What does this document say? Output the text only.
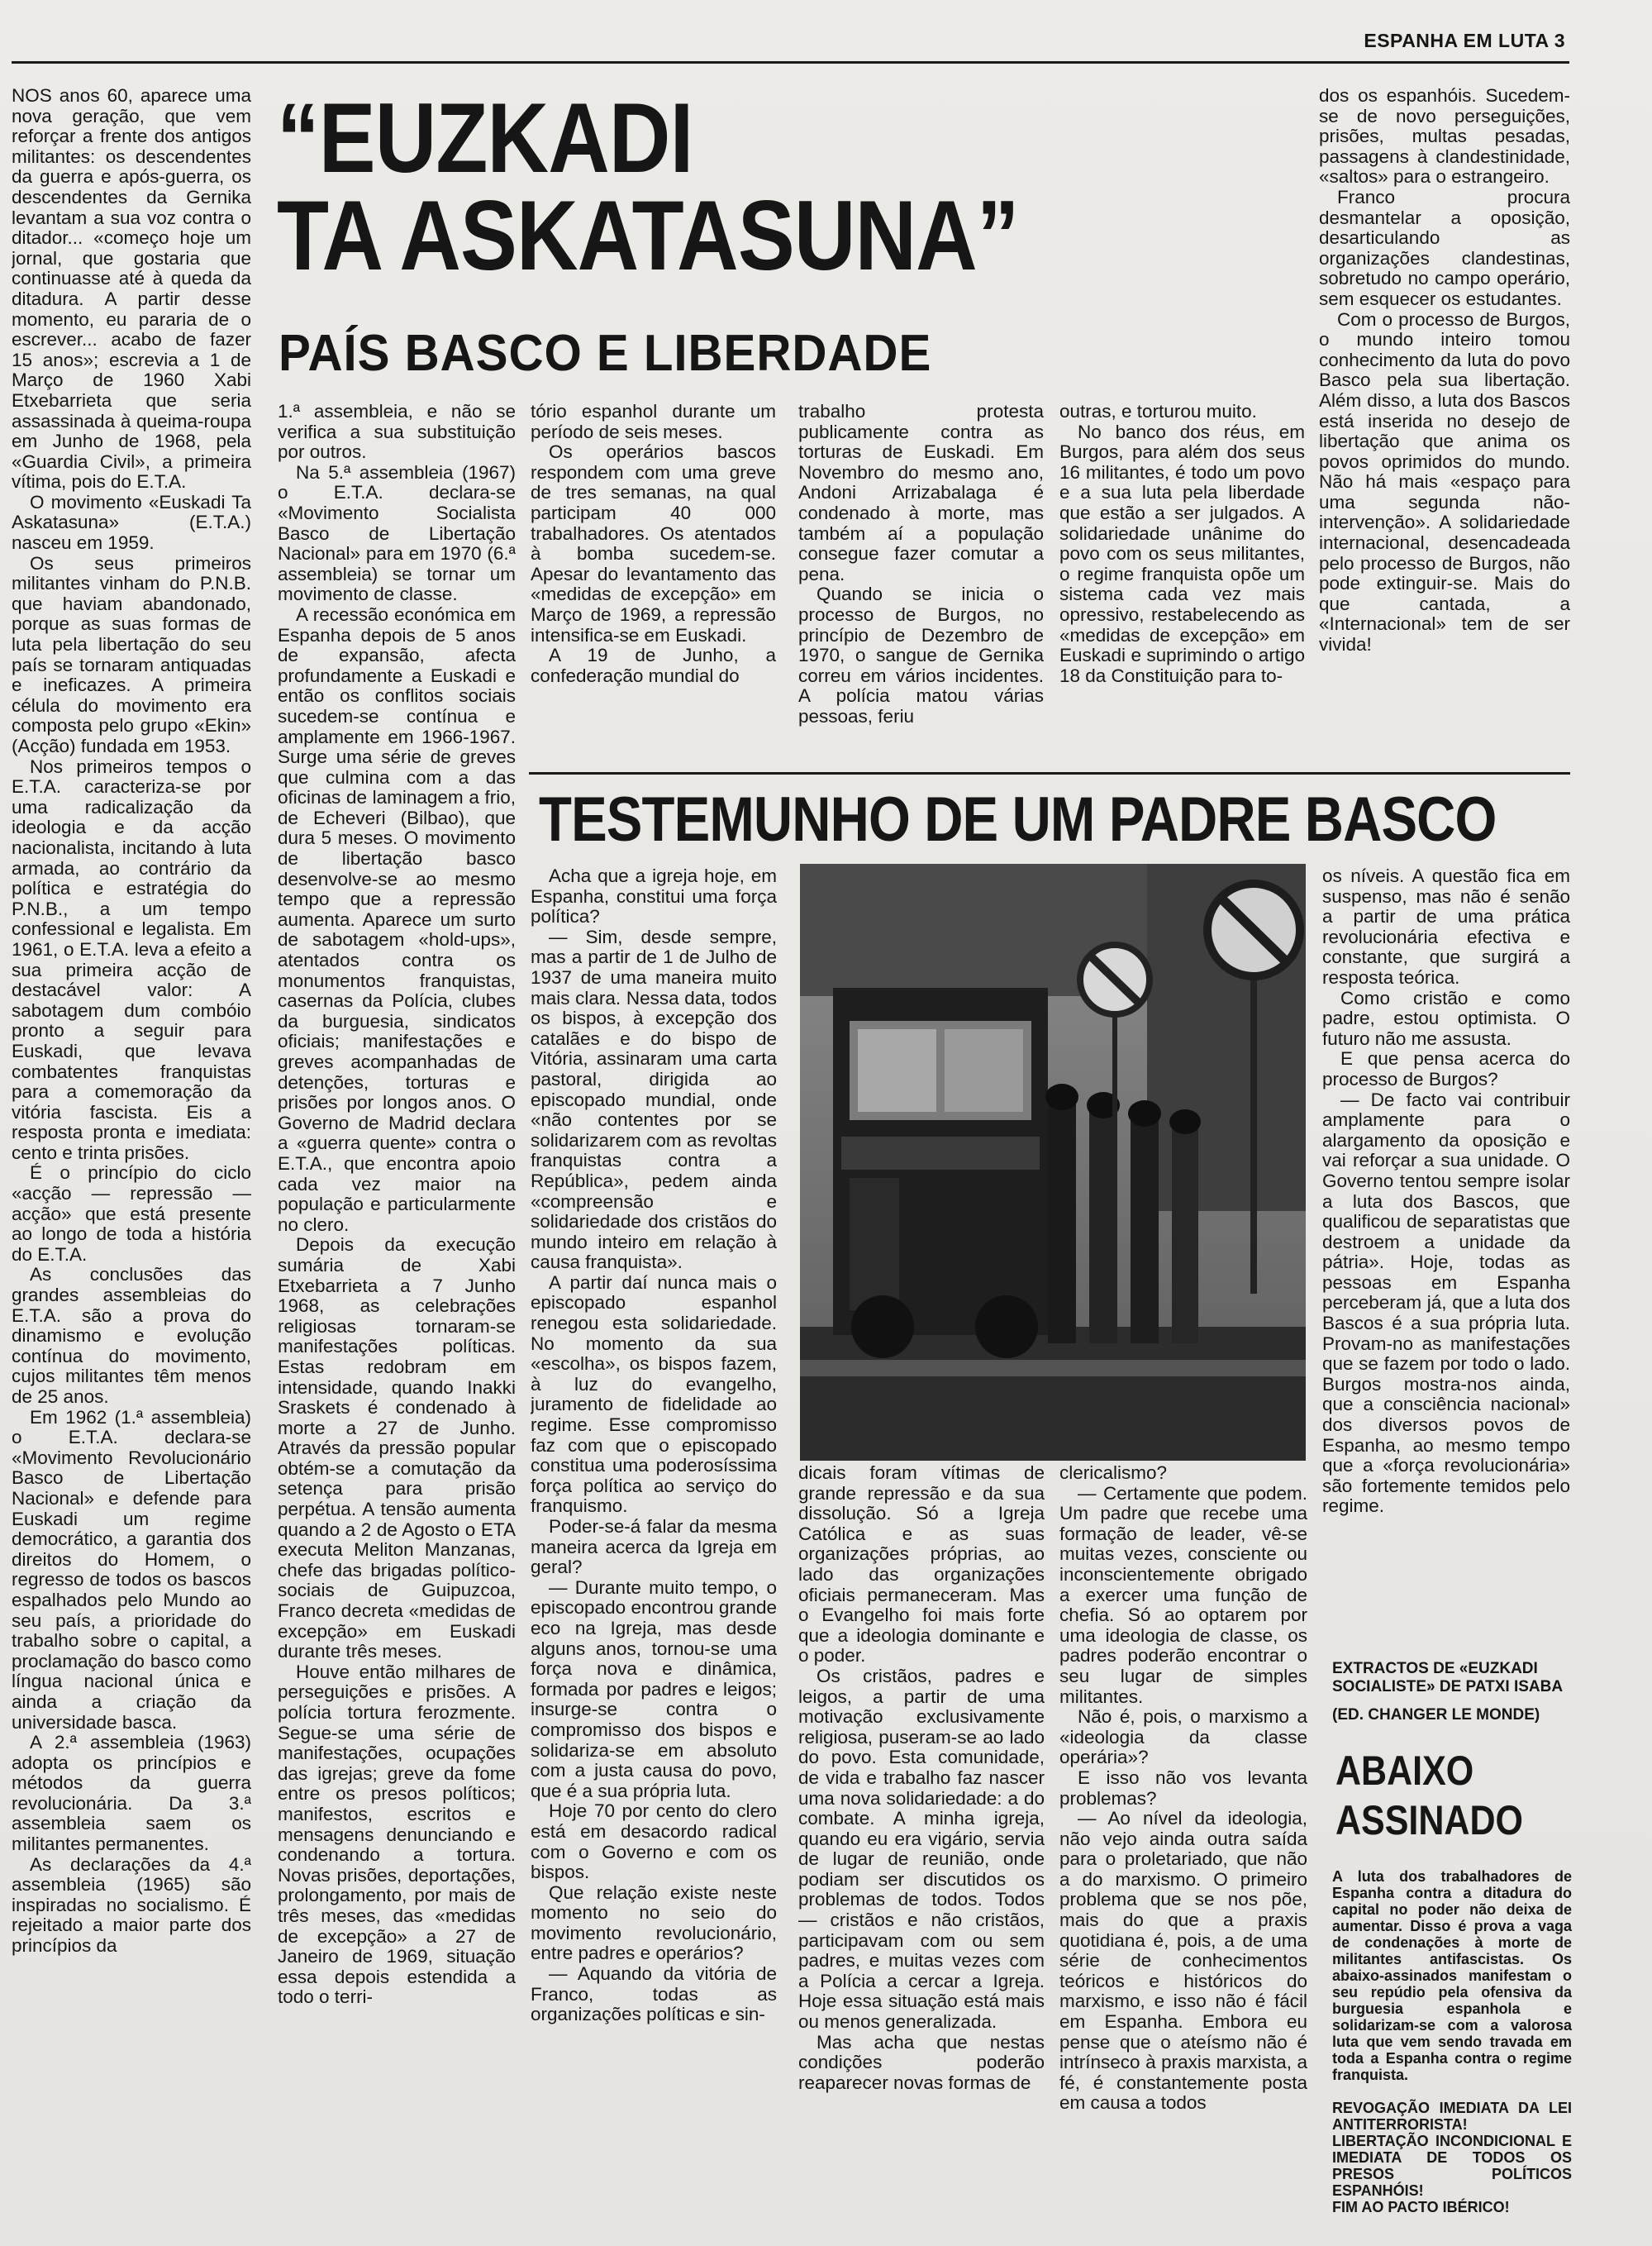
ESPANHA EM LUTA 3
“EUZKADI
TA ASKATASUNA”
PAÍS BASCO E LIBERDADE

NOS anos 60, aparece uma nova geração, que vem reforçar a frente dos antigos militantes: os descendentes da guerra e após-guerra, os descendentes da Gernika levantam a sua voz contra o ditador... «começo hoje um jornal, que gostaria que continuasse até à queda da ditadura. A partir desse momento, eu pararia de o escrever... acabo de fazer 15 anos»; escrevia a 1 de Março de 1960 Xabi Etxebarrieta que seria assassinada à queima-roupa em Junho de 1968, pela «Guardia Civil», a primeira vítima, pois do E.T.A.

O movimento «Euskadi Ta Askatasuna» (E.T.A.) nasceu em 1959.

Os seus primeiros militantes vinham do P.N.B. que haviam abandonado, porque as suas formas de luta pela libertação do seu país se tornaram antiquadas e ineficazes. A primeira célula do movimento era composta pelo grupo «Ekin» (Acção) fundada em 1953.

Nos primeiros tempos o E.T.A. caracteriza-se por uma radicalização da ideologia e da acção nacionalista, incitando à luta armada, ao contrário da política e estratégia do P.N.B., a um tempo confessional e legalista. Em 1961, o E.T.A. leva a efeito a sua primeira acção de destacável valor: A sabotagem dum combóio pronto a seguir para Euskadi, que levava combatentes franquistas para a comemoração da vitória fascista. Eis a resposta pronta e imediata: cento e trinta prisões.

É o princípio do ciclo «acção — repressão — acção» que está presente ao longo de toda a história do E.T.A.

As conclusões das grandes assembleias do E.T.A. são a prova do dinamismo e evolução contínua do movimento, cujos militantes têm menos de 25 anos.

Em 1962 (1.ª assembleia) o E.T.A. declara-se «Movimento Revolucionário Basco de Libertação Nacional» e defende para Euskadi um regime democrático, a garantia dos direitos do Homem, o regresso de todos os bascos espalhados pelo Mundo ao seu país, a prioridade do trabalho sobre o capital, a proclamação do basco como língua nacional única e ainda a criação da universidade basca.

A 2.ª assembleia (1963) adopta os princípios e métodos da guerra revolucionária. Da 3.ª assembleia saem os militantes permanentes.

As declarações da 4.ª assembleia (1965) são inspiradas no socialismo. É rejeitado a maior parte dos princípios da

1.ª assembleia, e não se verifica a sua substituição por outros.

Na 5.ª assembleia (1967) o E.T.A. declara-se «Movimento Socialista Basco de Libertação Nacional» para em 1970 (6.ª assembleia) se tornar um movimento de classe.

A recessão económica em Espanha depois de 5 anos de expansão, afecta profundamente a Euskadi e então os conflitos sociais sucedem-se contínua e amplamente em 1966-1967. Surge uma série de greves que culmina com a das oficinas de laminagem a frio, de Echeveri (Bilbao), que dura 5 meses. O movimento de libertação basco desenvolve-se ao mesmo tempo que a repressão aumenta. Aparece um surto de sabotagem «hold-ups», atentados contra os monumentos franquistas, casernas da Polícia, clubes da burguesia, sindicatos oficiais; manifestações e greves acompanhadas de detenções, torturas e prisões por longos anos. O Governo de Madrid declara a «guerra quente» contra o E.T.A., que encontra apoio cada vez maior na população e particularmente no clero.

Depois da execução sumária de Xabi Etxebarrieta a 7 Junho 1968, as celebrações religiosas tornaram-se manifestações políticas. Estas redobram em intensidade, quando Inakki Sraskets é condenado à morte a 27 de Junho. Através da pressão popular obtém-se a comutação da setença para prisão perpétua. A tensão aumenta quando a 2 de Agosto o ETA executa Meliton Manzanas, chefe das brigadas político-sociais de Guipuzcoa, Franco decreta «medidas de excepção» em Euskadi durante três meses.

Houve então milhares de perseguições e prisões. A polícia tortura ferozmente. Segue-se uma série de manifestações, ocupações das igrejas; greve da fome entre os presos políticos; manifestos, escritos e mensagens denunciando e condenando a tortura. Novas prisões, deportações, prolongamento, por mais de três meses, das «medidas de excepção» a 27 de Janeiro de 1969, situação essa depois estendida a todo o terri-

tório espanhol durante um período de seis meses.

Os operários bascos respondem com uma greve de tres semanas, na qual participam 40 000 trabalhadores. Os atentados à bomba sucedem-se. Apesar do levantamento das «medidas de excepção» em Março de 1969, a repressão intensifica-se em Euskadi.

A 19 de Junho, a confederação mundial do

trabalho protesta publicamente contra as torturas de Euskadi. Em Novembro do mesmo ano, Andoni Arrizabalaga é condenado à morte, mas também aí a população consegue fazer comutar a pena.

Quando se inicia o processo de Burgos, no princípio de Dezembro de 1970, o sangue de Gernika correu em vários incidentes. A polícia matou várias pessoas, feriu

outras, e torturou muito.

No banco dos réus, em Burgos, para além dos seus 16 militantes, é todo um povo e a sua luta pela liberdade que estão a ser julgados. A solidariedade unânime do povo com os seus militantes, o regime franquista opõe um sistema cada vez mais opressivo, restabelecendo as «medidas de excepção» em Euskadi e suprimindo o artigo 18 da Constituição para to-

dos os espanhóis. Sucedem-se de novo perseguições, prisões, multas pesadas, passagens à clandestinidade, «saltos» para o estrangeiro.

Franco procura desmantelar a oposição, desarticulando as organizações clandestinas, sobretudo no campo operário, sem esquecer os estudantes.

Com o processo de Burgos, o mundo inteiro tomou conhecimento da luta do povo Basco pela sua libertação. Além disso, a luta dos Bascos está inserida no desejo de libertação que anima os povos oprimidos do mundo. Não há mais «espaço para uma segunda não-intervenção». A solidariedade internacional, desencadeada pelo processo de Burgos, não pode extinguir-se. Mais do que cantada, a «Internacional» tem de ser vivida!

TESTEMUNHO DE UM PADRE BASCO

Acha que a igreja hoje, em Espanha, constitui uma força política?

— Sim, desde sempre, mas a partir de 1 de Julho de 1937 de uma maneira muito mais clara. Nessa data, todos os bispos, à excepção dos catalães e do bispo de Vitória, assinaram uma carta pastoral, dirigida ao episcopado mundial, onde «não contentes por se solidarizarem com as revoltas franquistas contra a República», pedem ainda «compreensão e solidariedade dos cristãos do mundo inteiro em relação à causa franquista».

A partir daí nunca mais o episcopado espanhol renegou esta solidariedade. No momento da sua «escolha», os bispos fazem, à luz do evangelho, juramento de fidelidade ao regime. Esse compromisso faz com que o episcopado constitua uma poderosíssima força política ao serviço do franquismo.

Poder-se-á falar da mesma maneira acerca da Igreja em geral?

— Durante muito tempo, o episcopado encontrou grande eco na Igreja, mas desde alguns anos, tornou-se uma força nova e dinâmica, formada por padres e leigos; insurge-se contra o compromisso dos bispos e solidariza-se em absoluto com a justa causa do povo, que é a sua própria luta.

Hoje 70 por cento do clero está em desacordo radical com o Governo e com os bispos.

Que relação existe neste momento no seio do movimento revolucionário, entre padres e operários?

— Aquando da vitória de Franco, todas as organizações políticas e sin-

dicais foram vítimas de grande repressão e da sua dissolução. Só a Igreja Católica e as suas organizações próprias, ao lado das organizações oficiais permaneceram. Mas o Evangelho foi mais forte que a ideologia dominante e o poder.

Os cristãos, padres e leigos, a partir de uma motivação exclusivamente religiosa, puseram-se ao lado do povo. Esta comunidade, de vida e trabalho faz nascer uma nova solidariedade: a do combate. A minha igreja, quando eu era vigário, servia de lugar de reunião, onde podiam ser discutidos os problemas de todos. Todos — cristãos e não cristãos, participavam com ou sem padres, e muitas vezes com a Polícia a cercar a Igreja. Hoje essa situação está mais ou menos generalizada.

Mas acha que nestas condições poderão reaparecer novas formas de

clericalismo?

— Certamente que podem. Um padre que recebe uma formação de leader, vê-se muitas vezes, consciente ou inconscientemente obrigado a exercer uma função de chefia. Só ao optarem por uma ideologia de classe, os padres poderão encontrar o seu lugar de simples militantes.

Não é, pois, o marxismo a «ideologia da classe operária»?

E isso não vos levanta problemas?

— Ao nível da ideologia, não vejo ainda outra saída para o proletariado, que não a do marxismo. O primeiro problema que se nos põe, mais do que a praxis quotidiana é, pois, a de uma série de conhecimentos teóricos e históricos do marxismo, e isso não é fácil em Espanha. Embora eu pense que o ateísmo não é intrínseco à praxis marxista, a fé, é constantemente posta em causa a todos

os níveis. A questão fica em suspenso, mas não é senão a partir de uma prática revolucionária efectiva e constante, que surgirá a resposta teórica.

Como cristão e como padre, estou optimista. O futuro não me assusta.

E que pensa acerca do processo de Burgos?

— De facto vai contribuir amplamente para o alargamento da oposição e vai reforçar a sua unidade. O Governo tentou sempre isolar a luta dos Bascos, que qualificou de separatistas que destroem a unidade da pátria». Hoje, todas as pessoas em Espanha perceberam já, que a luta dos Bascos é a sua própria luta. Provam-no as manifestações que se fazem por todo o lado. Burgos mostra-nos ainda, que a consciência nacional» dos diversos povos de Espanha, ao mesmo tempo que a «força revolucionária» são fortemente temidos pelo regime.

EXTRACTOS DE «EUZKADI SOCIALISTE» DE PATXI ISABA
(ED. CHANGER LE MONDE)
ABAIXO
ASSINADO
A luta dos trabalhadores de Espanha contra a ditadura do capital no poder não deixa de aumentar. Disso é prova a vaga de condenações à morte de militantes antifascistas. Os abaixo-assinados manifestam o seu repúdio pela ofensiva da burguesia espanhola e solidarizam-se com a valorosa luta que vem sendo travada em toda a Espanha contra o regime franquista.
REVOGAÇÃO IMEDIATA DA LEI ANTITERRORISTA!
LIBERTAÇÃO INCONDICIONAL E IMEDIATA DE TODOS OS PRESOS POLÍTICOS ESPANHÓIS!
FIM AO PACTO IBÉRICO!
